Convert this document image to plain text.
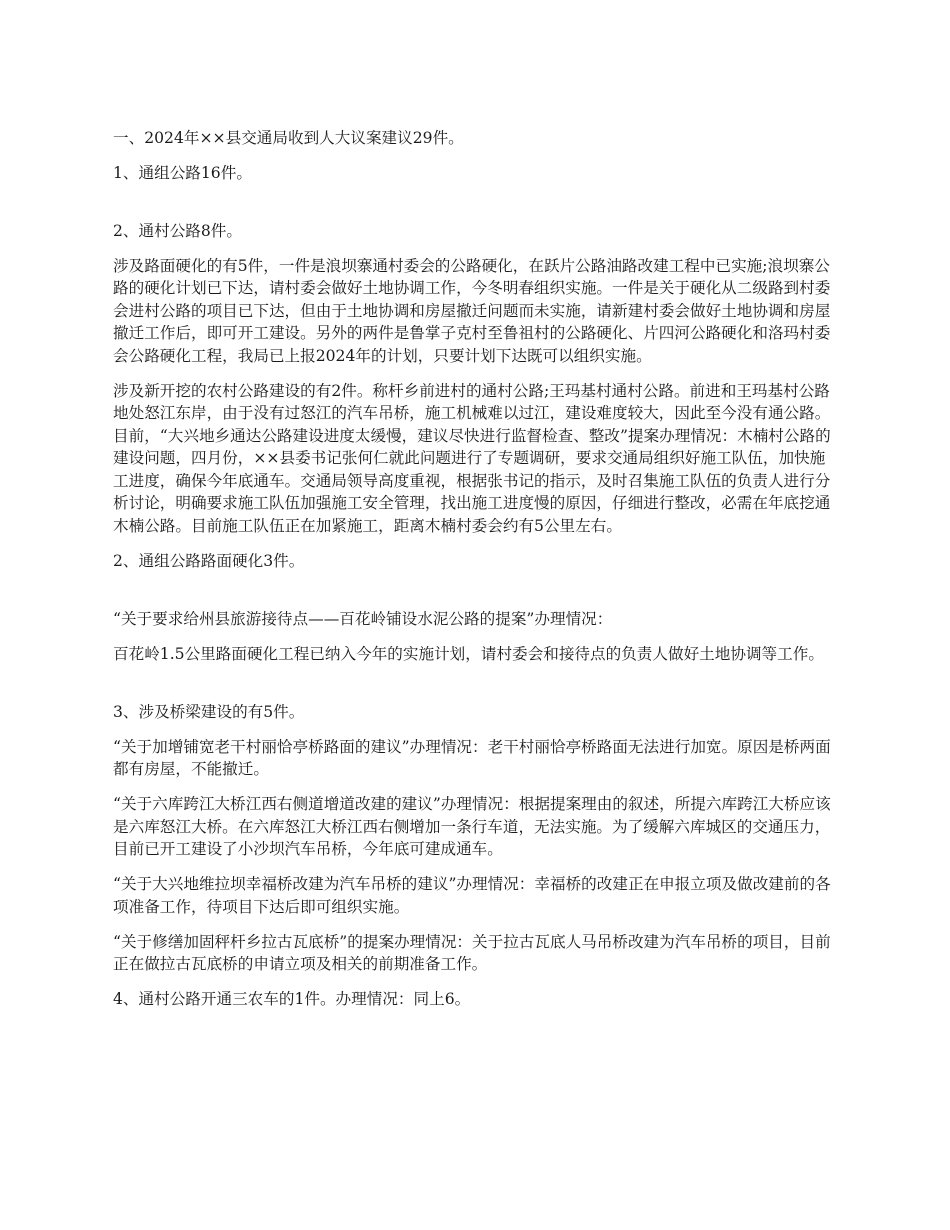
一、2024年××县交通局收到人大议案建议29件。

1、通组公路16件。

2、通村公路8件。

涉及路面硬化的有5件，一件是浪坝寨通村委会的公路硬化，在跃片公路油路改建工程中已实施;浪坝寨公路的硬化计划已下达，请村委会做好土地协调工作，今冬明春组织实施。一件是关于硬化从二级路到村委会进村公路的项目已下达，但由于土地协调和房屋撤迁问题而未实施，请新建村委会做好土地协调和房屋撤迁工作后，即可开工建设。另外的两件是鲁掌子克村至鲁祖村的公路硬化、片四河公路硬化和洛玛村委会公路硬化工程，我局已上报2024年的计划，只要计划下达既可以组织实施。

涉及新开挖的农村公路建设的有2件。称杆乡前进村的通村公路;王玛基村通村公路。前进和王玛基村公路地处怒江东岸，由于没有过怒江的汽车吊桥，施工机械难以过江，建设难度较大，因此至今没有通公路。目前，“大兴地乡通达公路建设进度太缓慢，建议尽快进行监督检查、整改”提案办理情况：木楠村公路的建设问题，四月份，××县委书记张何仁就此问题进行了专题调研，要求交通局组织好施工队伍，加快施工进度，确保今年底通车。交通局领导高度重视，根据张书记的指示，及时召集施工队伍的负责人进行分析讨论，明确要求施工队伍加强施工安全管理，找出施工进度慢的原因，仔细进行整改，必需在年底挖通木楠公路。目前施工队伍正在加紧施工，距离木楠村委会约有5公里左右。

2、通组公路路面硬化3件。

“关于要求给州县旅游接待点——百花岭铺设水泥公路的提案”办理情况：

百花岭1.5公里路面硬化工程已纳入今年的实施计划，请村委会和接待点的负责人做好土地协调等工作。

3、涉及桥梁建设的有5件。

“关于加增铺宽老干村丽恰亭桥路面的建议”办理情况：老干村丽恰亭桥路面无法进行加宽。原因是桥两面都有房屋，不能撤迁。

“关于六库跨江大桥江西右侧道增道改建的建议”办理情况：根据提案理由的叙述，所提六库跨江大桥应该是六库怒江大桥。在六库怒江大桥江西右侧增加一条行车道，无法实施。为了缓解六库城区的交通压力，目前已开工建设了小沙坝汽车吊桥，今年底可建成通车。

“关于大兴地维拉坝幸福桥改建为汽车吊桥的建议”办理情况：幸福桥的改建正在申报立项及做改建前的各项准备工作，待项目下达后即可组织实施。

“关于修缮加固秤杆乡拉古瓦底桥”的提案办理情况：关于拉古瓦底人马吊桥改建为汽车吊桥的项目，目前正在做拉古瓦底桥的申请立项及相关的前期准备工作。

4、通村公路开通三农车的1件。办理情况：同上6。
